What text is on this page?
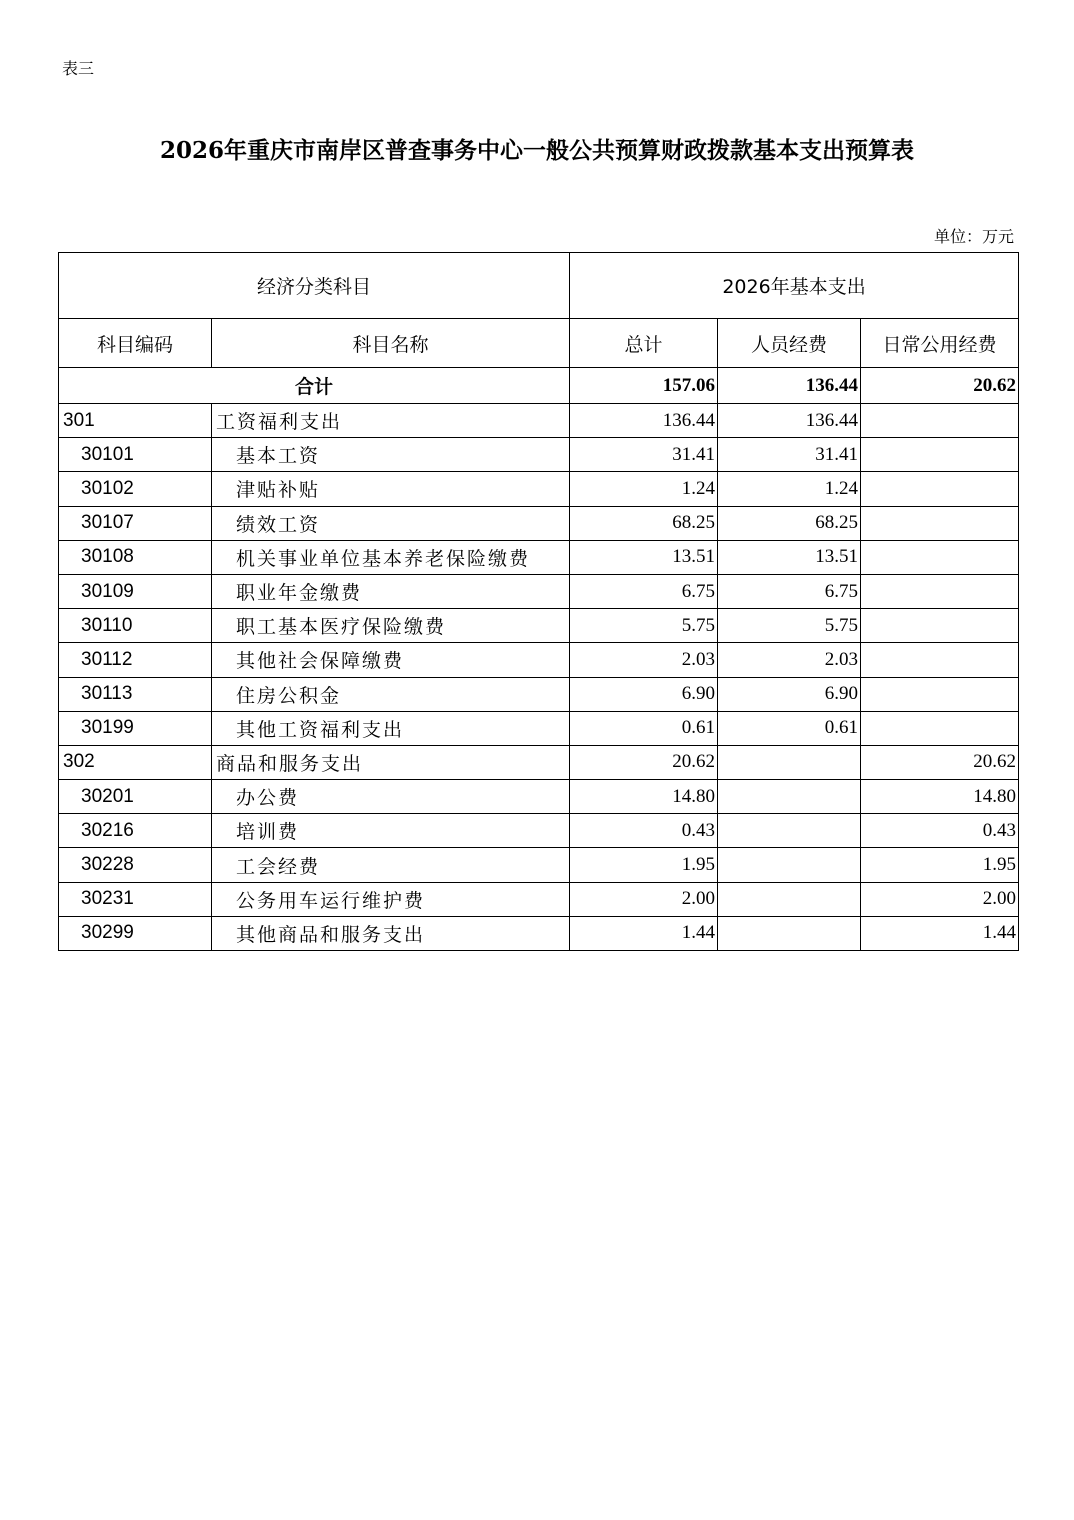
表三
2026年重庆市南岸区普查事务中心一般公共预算财政拨款基本支出预算表
单位：万元
经济分类科目		2026年基本支出		
科目编码	科目名称	总计	人员经费	日常公用经费
合计		157.06	136.44	20.62
301	工资福利支出	136.44	136.44	
30101	基本工资	31.41	31.41	
30102	津贴补贴	1.24	1.24	
30107	绩效工资	68.25	68.25	
30108	机关事业单位基本养老保险缴费	13.51	13.51	
30109	职业年金缴费	6.75	6.75	
30110	职工基本医疗保险缴费	5.75	5.75	
30112	其他社会保障缴费	2.03	2.03	
30113	住房公积金	6.90	6.90	
30199	其他工资福利支出	0.61	0.61	
302	商品和服务支出	20.62		20.62
30201	办公费	14.80		14.80
30216	培训费	0.43		0.43
30228	工会经费	1.95		1.95
30231	公务用车运行维护费	2.00		2.00
30299	其他商品和服务支出	1.44		1.44
